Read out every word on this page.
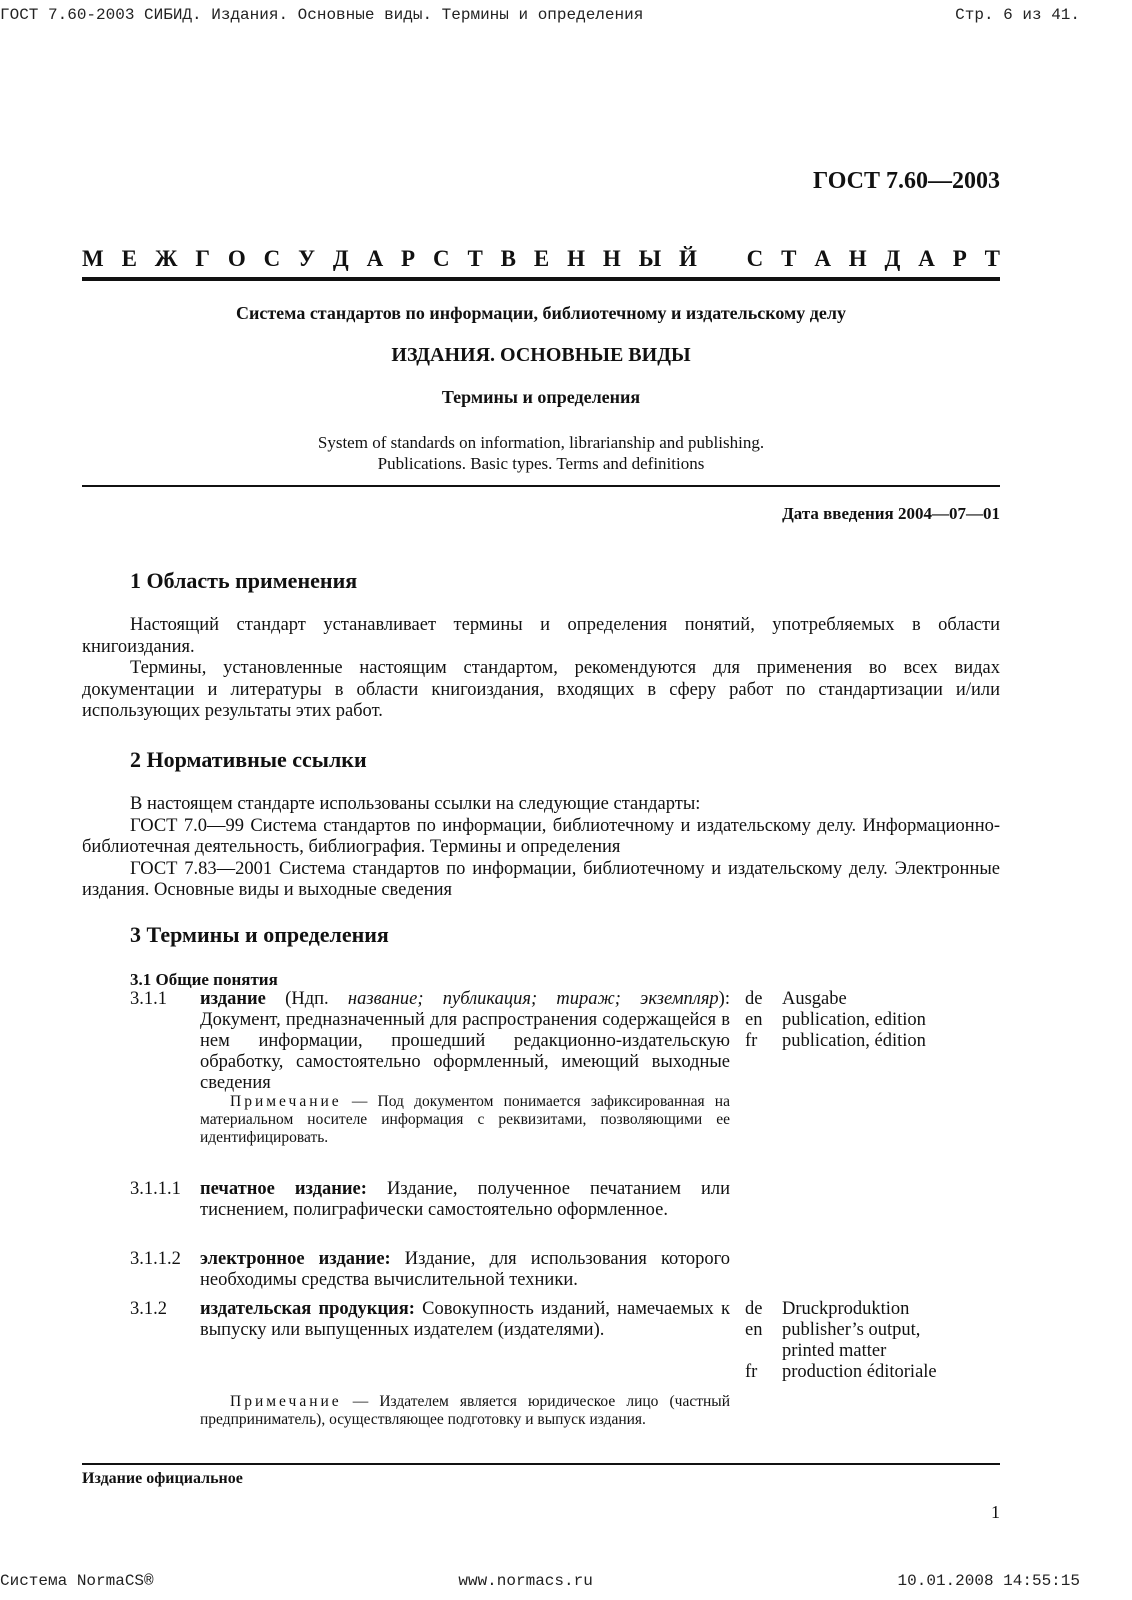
ГОСТ 7.60-2003 СИБИД. Издания. Основные виды. Термины и определения	Стр. 6 из 41.
ГОСТ 7.60—2003
М Е Ж Г О С У Д А Р С Т В Е Н Н Ы Й С Т А Н Д А Р Т
Система стандартов по информации, библиотечному и издательскому делу
ИЗДАНИЯ. ОСНОВНЫЕ ВИДЫ
Термины и определения
System of standards on information, librarianship and publishing.
Publications. Basic types. Terms and definitions
Дата введения 2004—07—01
1 Область применения

Настоящий стандарт устанавливает термины и определения понятий, употребляемых в области книгоиздания.

Термины, установленные настоящим стандартом, рекомендуются для применения во всех видах документации и литературы в области книгоиздания, входящих в сферу работ по стандартизации и/или использующих результаты этих работ.

2 Нормативные ссылки

В настоящем стандарте использованы ссылки на следующие стандарты:

ГОСТ 7.0—99 Система стандартов по информации, библиотечному и издательскому делу. Информационно-библиотечная деятельность, библиография. Термины и определения

ГОСТ 7.83—2001 Система стандартов по информации, библиотечному и издательскому делу. Электронные издания. Основные виды и выходные сведения

3 Термины и определения
3.1 Общие понятия
3.1.1 издание (Ндп. название; публикация; тираж; экземпляр): Документ, предназначенный для распространения содержащейся в нем информации, прошедший редакционно-издательскую обработку, самостоятельно оформленный, имеющий выходные сведения
Примечание — Под документом понимается зафиксированная на материальном носителе информация с реквизитами, позволяющими ее идентифицировать.
de	Ausgabe
en	publication, edition
fr	publication, édition
3.1.1.1 печатное издание: Издание, полученное печатанием или тиснением, полиграфически самостоятельно оформленное.
3.1.1.2 электронное издание: Издание, для использования которого необходимы средства вычислительной техники.
3.1.2 издательская продукция: Совокупность изданий, намечаемых к выпуску или выпущенных издателем (издателями).
Примечание — Издателем является юридическое лицо (частный предприниматель), осуществляющее подготовку и выпуск издания.
de	Druckproduktion
en	publisher’s output,
printed matter
fr	production éditoriale
Издание официальное
1
Система NormaCS®	www.normacs.ru	10.01.2008 14:55:15
